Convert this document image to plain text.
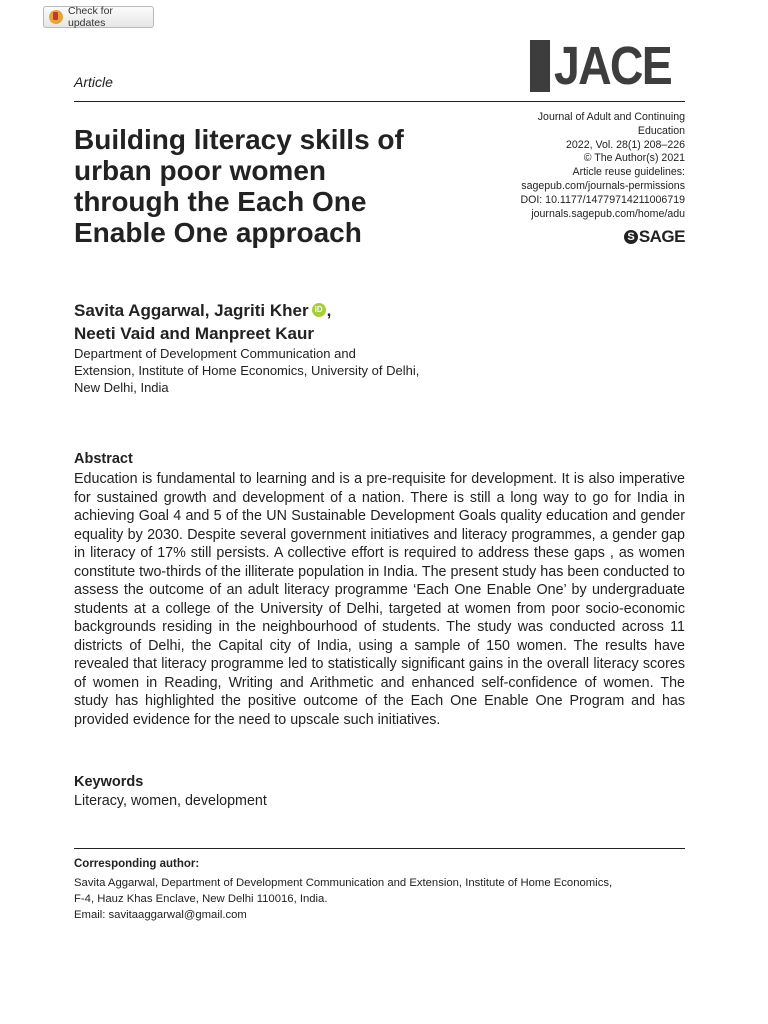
Check for updates
Article	JACE
Building literacy skills of urban poor women through the Each One Enable One approach
Journal of Adult and Continuing
Education
2022, Vol. 28(1) 208–226
© The Author(s) 2021
Article reuse guidelines:
sagepub.com/journals-permissions
DOI: 10.1177/14779714211006719
journals.sagepub.com/home/adu
S SAGE
Savita Aggarwal, Jagriti KheriD ,
Neeti Vaid and Manpreet Kaur
Department of Development Communication and
Extension, Institute of Home Economics, University of Delhi,
New Delhi, India
Abstract

Education is fundamental to learning and is a pre-requisite for development. It is also imperative for sustained growth and development of a nation. There is still a long way to go for India in achieving Goal 4 and 5 of the UN Sustainable Development Goals quality education and gender equality by 2030. Despite several government initiatives and literacy programmes, a gender gap in literacy of 17% still persists. A collective effort is required to address these gaps , as women constitute two-thirds of the illiterate population in India. The present study has been conducted to assess the outcome of an adult literacy programme ‘Each One Enable One’ by undergraduate students at a college of the University of Delhi, targeted at women from poor socio-economic backgrounds residing in the neighbourhood of students. The study was conducted across 11 districts of Delhi, the Capital city of India, using a sample of 150 women. The results have revealed that literacy programme led to statistically significant gains in the overall literacy scores of women in Reading, Writing and Arithmetic and enhanced self-confidence of women. The study has highlighted the positive outcome of the Each One Enable One Program and has provided evidence for the need to upscale such initiatives.

Keywords
Literacy, women, development
Corresponding author:
Savita Aggarwal, Department of Development Communication and Extension, Institute of Home Economics,
F-4, Hauz Khas Enclave, New Delhi 110016, India.
Email: savitaaggarwal@gmail.com
